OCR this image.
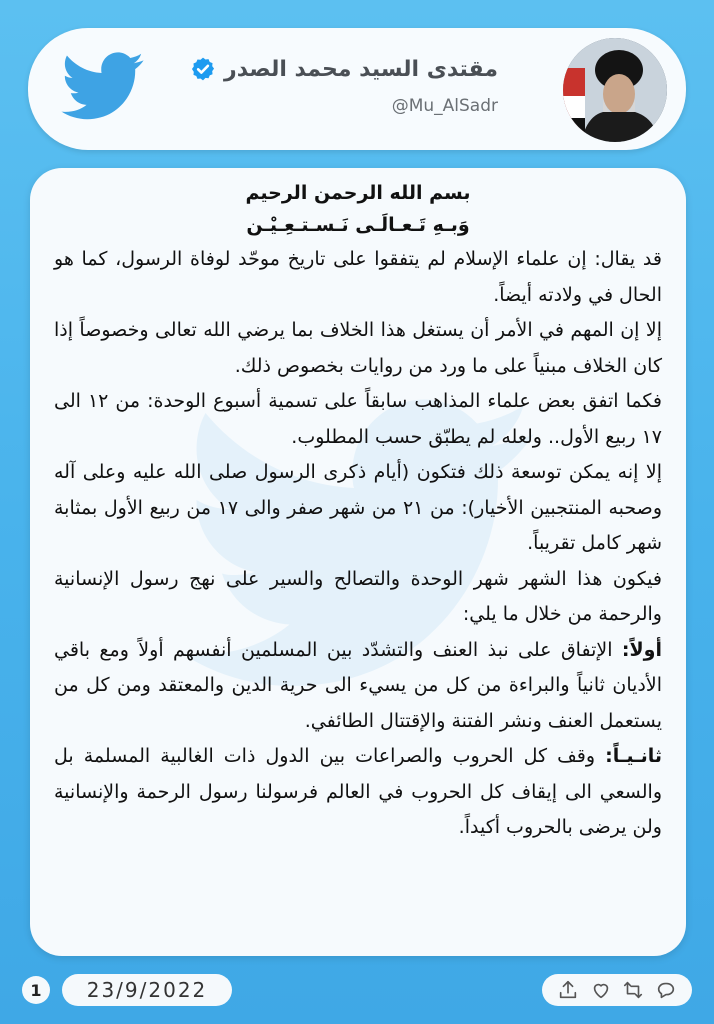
مقتدى السيد محمد الصدر
@Mu_AlSadr
بسم الله الرحمن الرحيم
وَبـهِ تَـعـالَـى نَـسـتـعِـيْـن
قد يقال: إن علماء الإسلام لم يتفقوا على تاريخ موحّد لوفاة الرسول، كما هو الحال في ولادته أيضاً.
إلا إن المهم في الأمر أن يستغل هذا الخلاف بما يرضي الله تعالى وخصوصاً إذا كان الخلاف مبنياً على ما ورد من روايات بخصوص ذلك.
فكما اتفق بعض علماء المذاهب سابقاً على تسمية أسبوع الوحدة: من ١٢ الى ١٧ ربيع الأول.. ولعله لم يطبّق حسب المطلوب.
إلا إنه يمكن توسعة ذلك فتكون (أيام ذكرى الرسول صلى الله عليه وعلى آله وصحبه المنتجبين الأخيار): من ٢١ من شهر صفر والى ١٧ من ربيع الأول بمثابة شهر كامل تقريباً.
فيكون هذا الشهر شهر الوحدة والتصالح والسير على نهج رسول الإنسانية والرحمة من خلال ما يلي:
أولاً: الإتفاق على نبذ العنف والتشدّد بين المسلمين أنفسهم أولاً ومع باقي الأديان ثانياً والبراءة من كل من يسيء الى حرية الدين والمعتقد ومن كل من يستعمل العنف ونشر الفتنة والإقتتال الطائفي.
ثانـيـاً: وقف كل الحروب والصراعات بين الدول ذات الغالبية المسلمة بل والسعي الى إيقاف كل الحروب في العالم فرسولنا رسول الرحمة والإنسانية ولن يرضى بالحروب أكيداً.
1	23/9/2022
